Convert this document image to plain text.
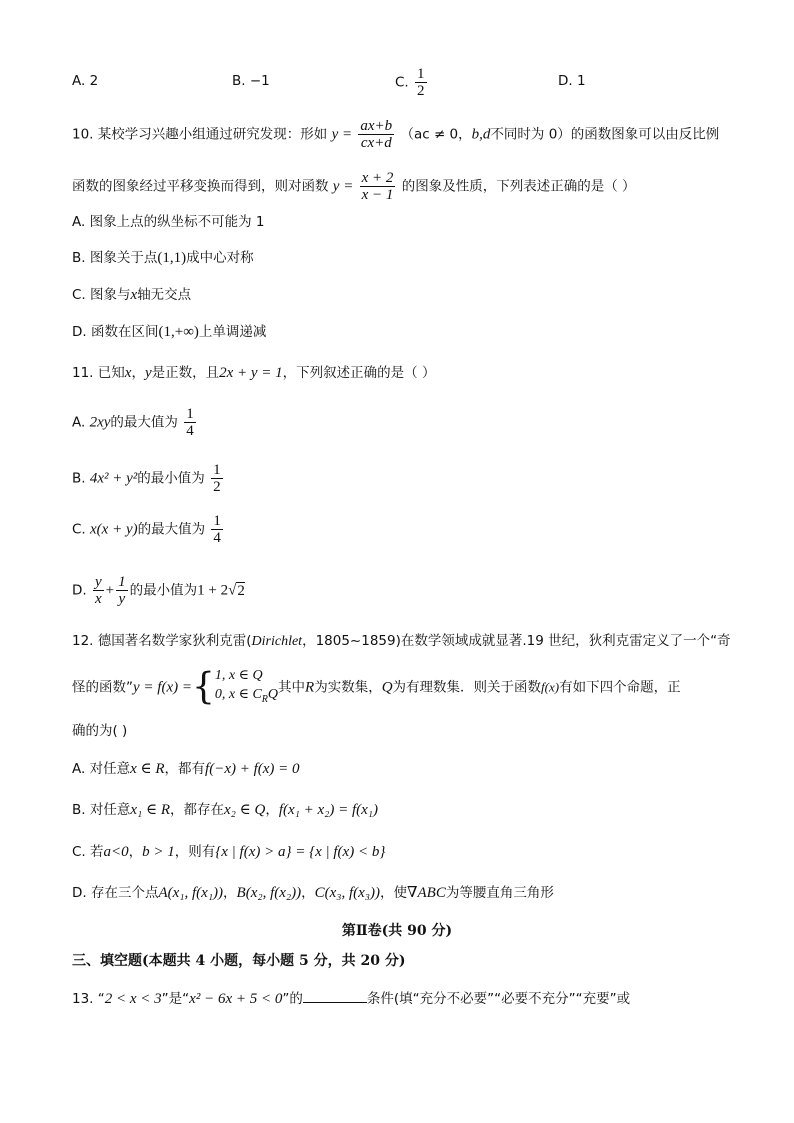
A. 2	B. −1	C. $\frac{1}{2}$	D. 1
10. 某校学习兴趣小组通过研究发现：形如 $y = \frac{ax+b}{cx+d} (ac \ne 0$，b,d不同时为 0）的函数图象可以由反比例
函数的图象经过平移变换而得到，则对函数 $y = \frac{x + 2}{x - 1}$ 的图象及性质，下列表述正确的是（ ）
A. 图象上点的纵坐标不可能为 1
B. 图象关于点(1,1)成中心对称
C. 图象与x轴无交点
D. 函数在区间(1,+∞)上单调递减
11. 已知x，y是正数，且2x + y = 1，下列叙述正确的是（ ）
A. 2xy的最大值为 $\frac{1}{4}$
B. 4x² + y²的最小值为 $\frac{1}{2}$
C. x(x + y)的最大值为 $\frac{1}{4}$
D. $\frac{y}{x} + \frac{1}{y}$ 的最小值为1 + 2√2
12. 德国著名数学家狄利克雷(Dirichlet，1805~1859)在数学领域成就显著.19 世纪，狄利克雷定义了一个“奇
怪的函数”y = f(x) ={ 1, x ∈ Q
0, x ∈ $C_RQ$ 其中R为实数集，Q为有理数集．则关于函数f(x)有如下四个命题，正
确的为( )
A. 对任意x ∈ R，都有f(−x) + f(x) = 0
B. 对任意x₁ ∈ R，都存在x₂ ∈ Q，f(x₁ + x₂) = f(x₁)
C. 若a<0，b > 1，则有{x | f(x) > a} = {x | f(x) < b}
D. 存在三个点A(x₁, f(x₁))，B(x₂, f(x₂))，C(x₃, f(x₃))，使∇ABC为等腰直角三角形
第Ⅱ卷(共 90 分)
三、填空题(本题共 4 小题，每小题 5 分，共 20 分)
13. “2 < x < 3”是“x² − 6x + 5 < 0”的	条件(填“充分不必要”“必要不充分”“充要”或
